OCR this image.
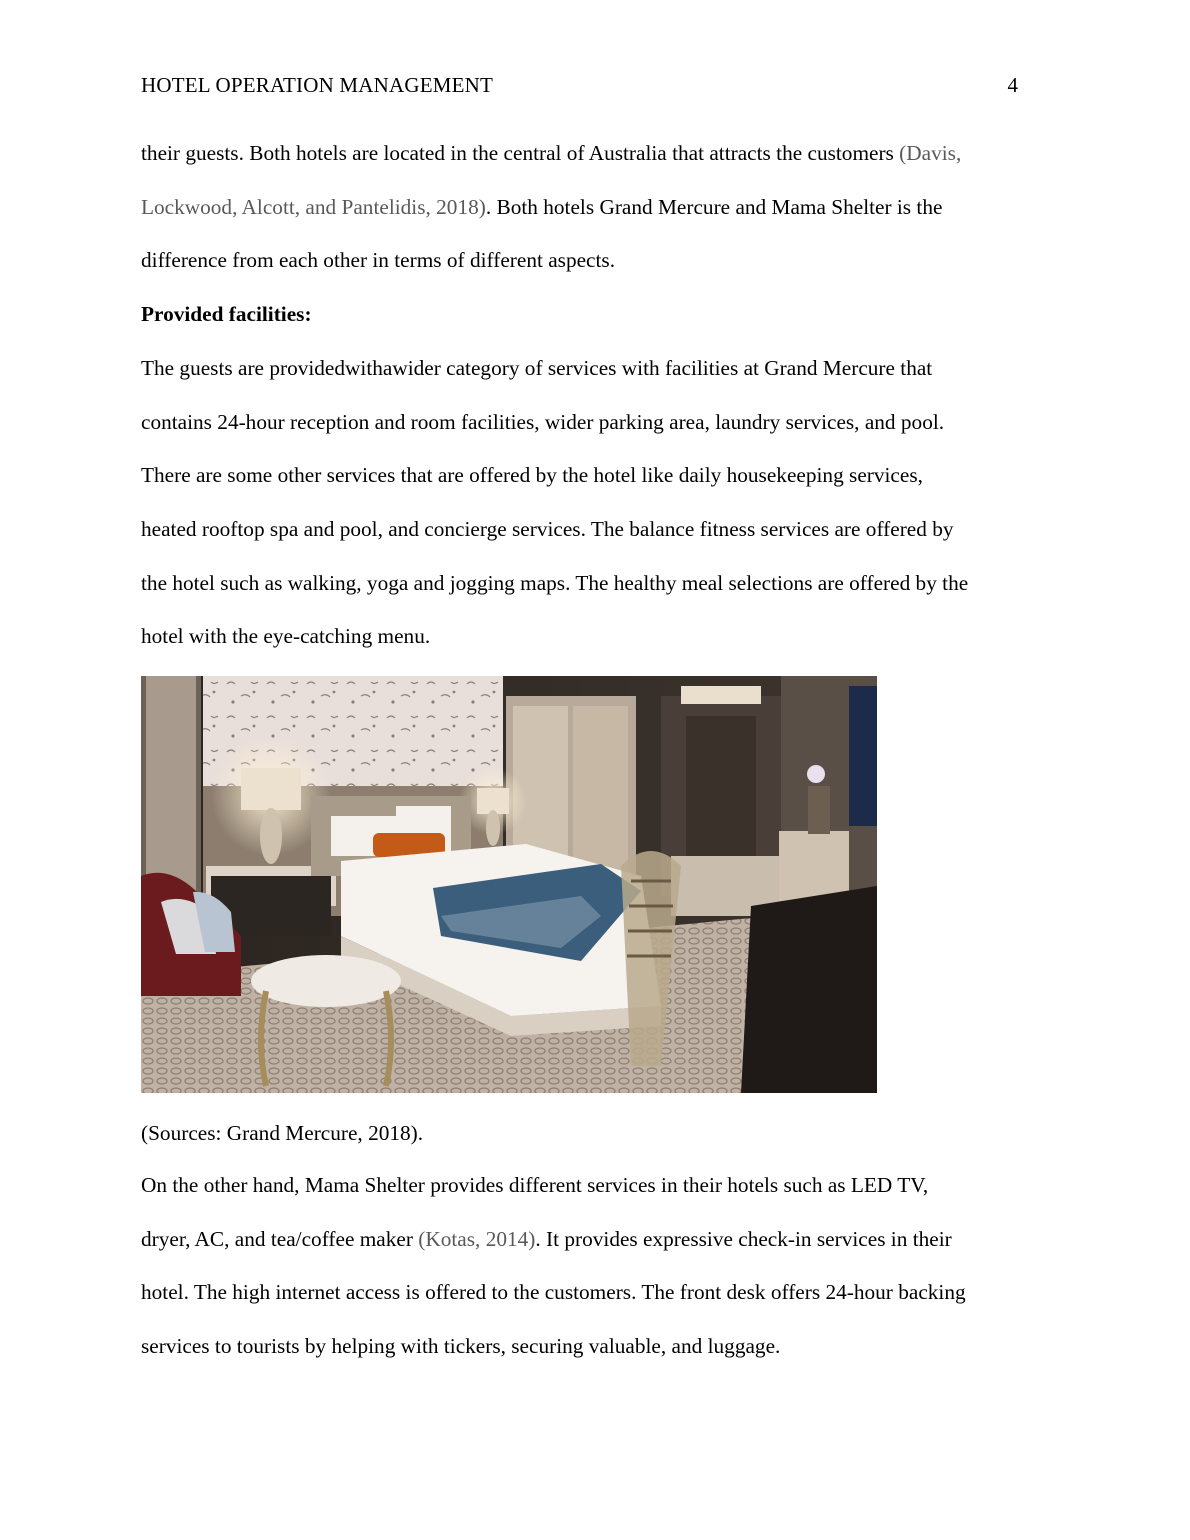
HOTEL OPERATION MANAGEMENT	4
their guests. Both hotels are located in the central of Australia that attracts the customers (Davis,
Lockwood, Alcott, and Pantelidis, 2018). Both hotels Grand Mercure and Mama Shelter is the
difference from each other in terms of different aspects.
Provided facilities:
The guests are providedwithawider category of services with facilities at Grand Mercure that
contains 24-hour reception and room facilities, wider parking area, laundry services, and pool.
There are some other services that are offered by the hotel like daily housekeeping services,
heated rooftop spa and pool, and concierge services. The balance fitness services are offered by
the hotel such as walking, yoga and jogging maps. The healthy meal selections are offered by the
hotel with the eye-catching menu.
(Sources: Grand Mercure, 2018).
On the other hand, Mama Shelter provides different services in their hotels such as LED TV,
dryer, AC, and tea/coffee maker (Kotas, 2014). It provides expressive check-in services in their
hotel. The high internet access is offered to the customers. The front desk offers 24-hour backing
services to tourists by helping with tickers, securing valuable, and luggage.
